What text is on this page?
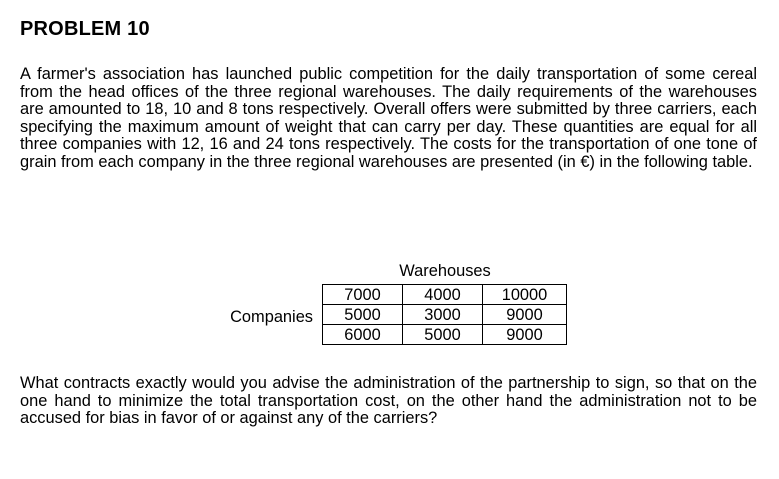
PROBLEM 10

A farmer's association has launched public competition for the daily transportation of some cereal from the head offices of the three regional warehouses. The daily requirements of the warehouses are amounted to 18, 10 and 8 tons respectively. Overall offers were submitted by three carriers, each specifying the maximum amount of weight that can carry per day. These quantities are equal for all three companies with 12, 16 and 24 tons respectively. The costs for the transportation of one tone of grain from each company in the three regional warehouses are presented (in €) in the following table.

Warehouses
Companies
7000	4000	10000
5000	3000	9000
6000	5000	9000

What contracts exactly would you advise the administration of the partnership to sign, so that on the one hand to minimize the total transportation cost, on the other hand the administration not to be accused for bias in favor of or against any of the carriers?
